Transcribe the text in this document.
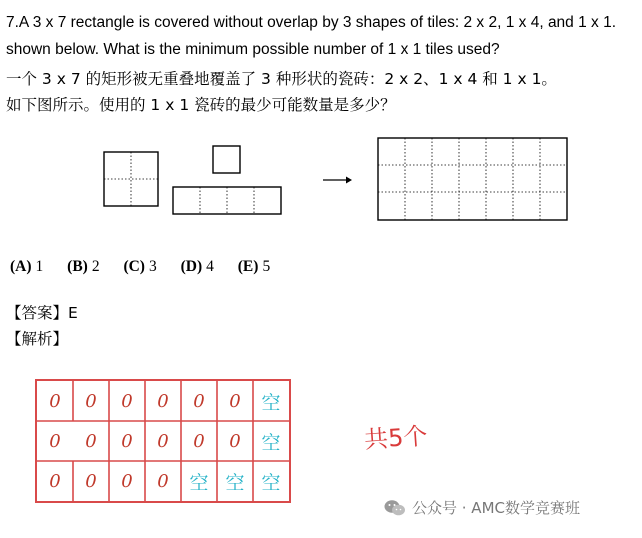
7.A 3 x 7 rectangle is covered without overlap by 3 shapes of tiles: 2 x 2, 1 x 4, and 1 x 1.
shown below. What is the minimum possible number of 1 x 1 tiles used?
一个 3 x 7 的矩形被无重叠地覆盖了 3 种形状的瓷砖：2 x 2、1 x 4 和 1 x 1。
如下图所示。使用的 1 x 1 瓷砖的最少可能数量是多少？
(A) 1 (B) 2 (C) 3 (D) 4 (E) 5
【答案】E
【解析】
0	0	0	0	0	0	空
0	0	0	0	0	0	空
0	0	0	0	空 空 空
共5个
公众号 · AMC数学竞赛班
